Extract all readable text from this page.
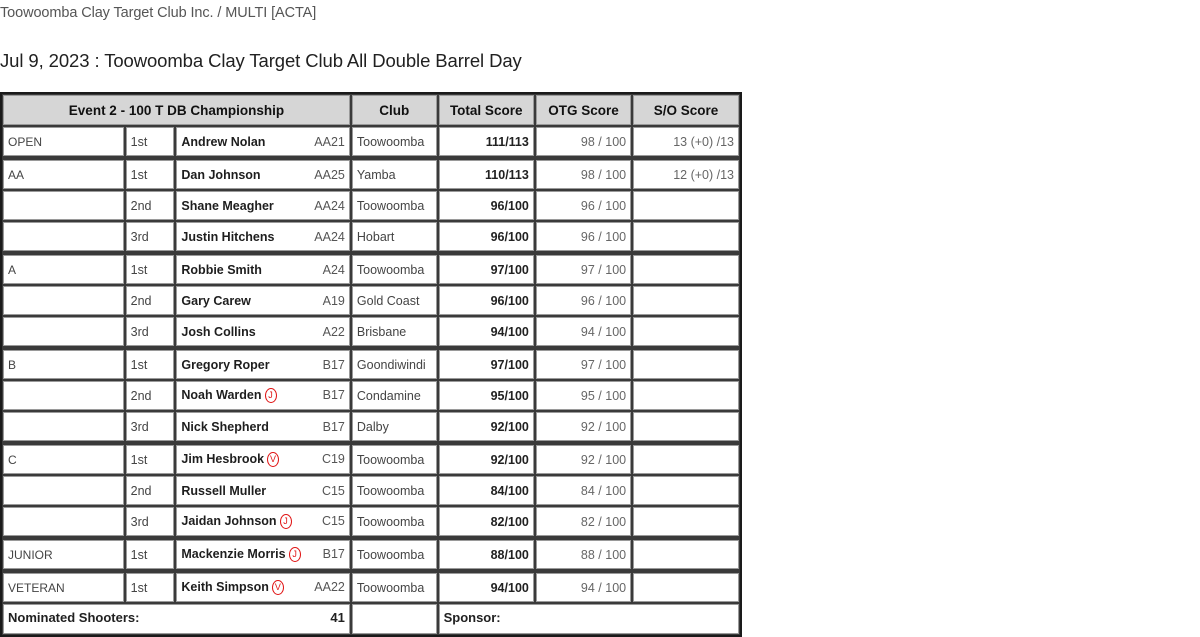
Toowoomba Clay Target Club Inc. / MULTI [ACTA]
Jul 9, 2023 : Toowoomba Clay Target Club All Double Barrel Day
Event 2 - 100 T DB Championship			Club	Total Score	OTG Score	S/O Score
OPEN	1st	Andrew Nolan AA21	Toowoomba	111/113	98 / 100	13 (+0) /13
AA	1st	Dan Johnson AA25	Yamba	110/113	98 / 100	12 (+0) /13
	2nd	Shane Meagher AA24	Toowoomba	96/100	96 / 100	
	3rd	Justin Hitchens AA24	Hobart	96/100	96 / 100	
A	1st	Robbie Smith A24	Toowoomba	97/100	97 / 100	
	2nd	Gary Carew A19	Gold Coast	96/100	96 / 100	
	3rd	Josh Collins A22	Brisbane	94/100	94 / 100	
B	1st	Gregory Roper B17	Goondiwindi	97/100	97 / 100	
	2nd	Noah Warden J B17	Condamine	95/100	95 / 100	
	3rd	Nick Shepherd B17	Dalby	92/100	92 / 100	
C	1st	Jim Hesbrook V C19	Toowoomba	92/100	92 / 100	
	2nd	Russell Muller C15	Toowoomba	84/100	84 / 100	
	3rd	Jaidan Johnson J C15	Toowoomba	82/100	82 / 100	
JUNIOR	1st	Mackenzie Morris J B17	Toowoomba	88/100	88 / 100	
VETERAN	1st	Keith Simpson V AA22	Toowoomba	94/100	94 / 100	

Nominated Shooters: 41				Sponsor:		
